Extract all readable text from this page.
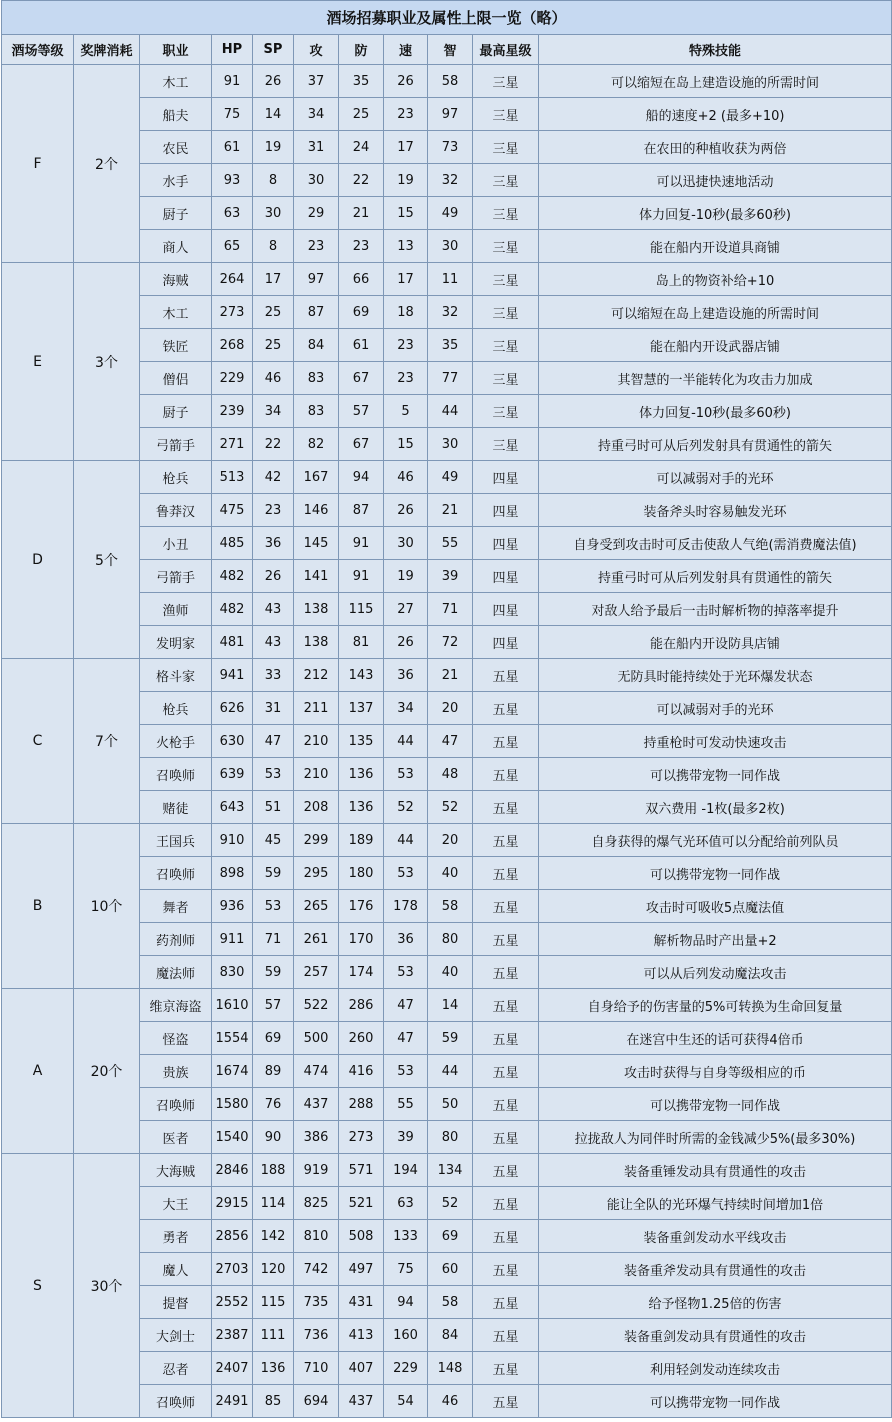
酒场招募职业及属性上限一览（略）										
酒场等级	奖牌消耗	职业	HP	SP	攻	防	速	智	最高星级	特殊技能
F	2个	木工	91	26	37	35	26	58	三星	可以缩短在岛上建造设施的所需时间
		船夫	75	14	34	25	23	97	三星	船的速度+2 (最多+10)
		农民	61	19	31	24	17	73	三星	在农田的种植收获为两倍
		水手	93	8	30	22	19	32	三星	可以迅捷快速地活动
		厨子	63	30	29	21	15	49	三星	体力回复-10秒(最多60秒)
		商人	65	8	23	23	13	30	三星	能在船内开设道具商铺
E	3个	海贼	264	17	97	66	17	11	三星	岛上的物资补给+10
		木工	273	25	87	69	18	32	三星	可以缩短在岛上建造设施的所需时间
		铁匠	268	25	84	61	23	35	三星	能在船内开设武器店铺
		僧侣	229	46	83	67	23	77	三星	其智慧的一半能转化为攻击力加成
		厨子	239	34	83	57	5	44	三星	体力回复-10秒(最多60秒)
		弓箭手	271	22	82	67	15	30	三星	持重弓时可从后列发射具有贯通性的箭矢
D	5个	枪兵	513	42	167	94	46	49	四星	可以减弱对手的光环
		鲁莽汉	475	23	146	87	26	21	四星	装备斧头时容易触发光环
		小丑	485	36	145	91	30	55	四星	自身受到攻击时可反击使敌人气绝(需消费魔法值)
		弓箭手	482	26	141	91	19	39	四星	持重弓时可从后列发射具有贯通性的箭矢
		渔师	482	43	138	115	27	71	四星	对敌人给予最后一击时解析物的掉落率提升
		发明家	481	43	138	81	26	72	四星	能在船内开设防具店铺
C	7个	格斗家	941	33	212	143	36	21	五星	无防具时能持续处于光环爆发状态
		枪兵	626	31	211	137	34	20	五星	可以减弱对手的光环
		火枪手	630	47	210	135	44	47	五星	持重枪时可发动快速攻击
		召唤师	639	53	210	136	53	48	五星	可以携带宠物一同作战
		赌徒	643	51	208	136	52	52	五星	双六费用 -1枚(最多2枚)
B	10个	王国兵	910	45	299	189	44	20	五星	自身获得的爆气光环值可以分配给前列队员
		召唤师	898	59	295	180	53	40	五星	可以携带宠物一同作战
		舞者	936	53	265	176	178	58	五星	攻击时可吸收5点魔法值
		药剂师	911	71	261	170	36	80	五星	解析物品时产出量+2
		魔法师	830	59	257	174	53	40	五星	可以从后列发动魔法攻击
A	20个	维京海盗	1610	57	522	286	47	14	五星	自身给予的伤害量的5%可转换为生命回复量
		怪盗	1554	69	500	260	47	59	五星	在迷宫中生还的话可获得4倍币
		贵族	1674	89	474	416	53	44	五星	攻击时获得与自身等级相应的币
		召唤师	1580	76	437	288	55	50	五星	可以携带宠物一同作战
		医者	1540	90	386	273	39	80	五星	拉拢敌人为同伴时所需的金钱减少5%(最多30%)
S	30个	大海贼	2846	188	919	571	194	134	五星	装备重锤发动具有贯通性的攻击
		大王	2915	114	825	521	63	52	五星	能让全队的光环爆气持续时间增加1倍
		勇者	2856	142	810	508	133	69	五星	装备重剑发动水平线攻击
		魔人	2703	120	742	497	75	60	五星	装备重斧发动具有贯通性的攻击
		提督	2552	115	735	431	94	58	五星	给予怪物1.25倍的伤害
		大剑士	2387	111	736	413	160	84	五星	装备重剑发动具有贯通性的攻击
		忍者	2407	136	710	407	229	148	五星	利用轻剑发动连续攻击
		召唤师	2491	85	694	437	54	46	五星	可以携带宠物一同作战
